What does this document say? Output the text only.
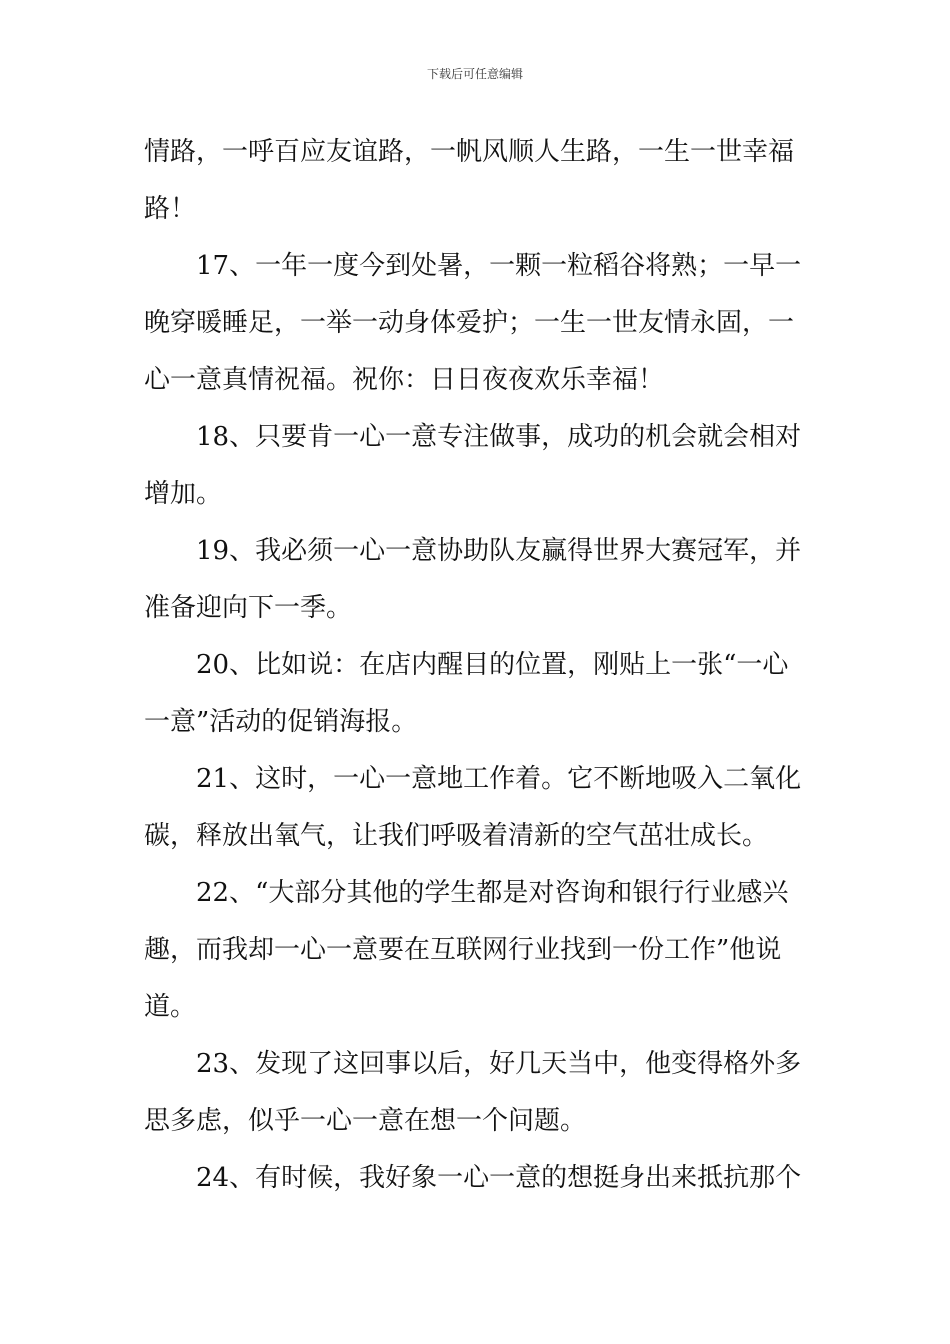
下载后可任意编辑
情路，一呼百应友谊路，一帆风顺人生路，一生一世幸福
路！
17、一年一度今到处暑，一颗一粒稻谷将熟；一早一
晚穿暖睡足，一举一动身体爱护；一生一世友情永固，一
心一意真情祝福。祝你：日日夜夜欢乐幸福！
18、只要肯一心一意专注做事，成功的机会就会相对
增加。
19、我必须一心一意协助队友赢得世界大赛冠军，并
准备迎向下一季。
20、比如说：在店内醒目的位置，刚贴上一张“一心
一意”活动的促销海报。
21、这时，一心一意地工作着。它不断地吸入二氧化
碳，释放出氧气，让我们呼吸着清新的空气茁壮成长。
22、“大部分其他的学生都是对咨询和银行行业感兴
趣，而我却一心一意要在互联网行业找到一份工作”他说
道。
23、发现了这回事以后，好几天当中，他变得格外多
思多虑，似乎一心一意在想一个问题。
24、有时候，我好象一心一意的想挺身出来抵抗那个
